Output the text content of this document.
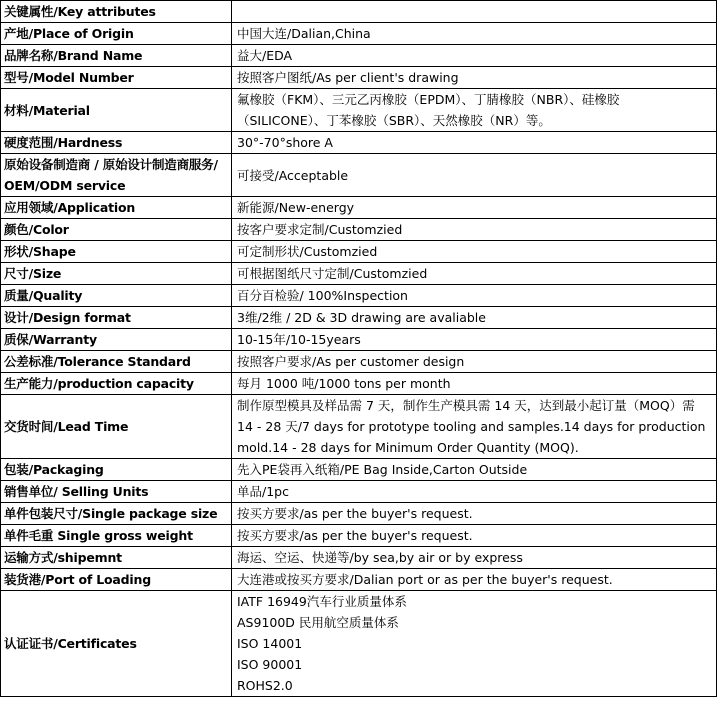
关键属性/Key attributes	
产地/Place of Origin	中国大连/Dalian,China
品牌名称/Brand Name	益大/EDA
型号/Model Number	按照客户图纸/As per client's drawing
材料/Material	氟橡胶（FKM）、三元乙丙橡胶（EPDM）、丁腈橡胶（NBR）、硅橡胶
（SILICONE）、丁苯橡胶（SBR）、天然橡胶（NR）等。

硬度范围/Hardness	30°-70°shore A

原始设备制造商 / 原始设计制造商服务/
OEM/ODM service	可接受/Acceptable
应用领域/Application	新能源/New-energy
颜色/Color	按客户要求定制/Customzied
形状/Shape	可定制形状/Customzied
尺寸/Size	可根据图纸尺寸定制/Customzied
质量/Quality	百分百检验/ 100%Inspection
设计/Design format	3维/2维 / 2D & 3D drawing are avaliable
质保/Warranty	10-15年/10-15years
公差标准/Tolerance Standard	按照客户要求/As per customer design
生产能力/production capacity	每月 1000 吨/1000 tons per month
交货时间/Lead Time	制作原型模具及样品需 7 天，制作生产模具需 14 天，达到最小起订量（MOQ）需
14 - 28 天/7 days for prototype tooling and samples.14 days for production
mold.14 - 28 days for Minimum Order Quantity (MOQ).

包装/Packaging	先入PE袋再入纸箱/PE Bag Inside,Carton Outside
销售单位/ Selling Units	单品/1pc
单件包装尺寸/Single package size	按买方要求/as per the buyer's request.
单件毛重 Single gross weight	按买方要求/as per the buyer's request.
运输方式/shipemnt	海运、空运、快递等/by sea,by air or by express
装货港/Port of Loading	大连港或按买方要求/Dalian port or as per the buyer's request.
认证证书/Certificates	IATF 16949汽车行业质量体系
AS9100D 民用航空质量体系
ISO 14001
ISO 90001
ROHS2.0
